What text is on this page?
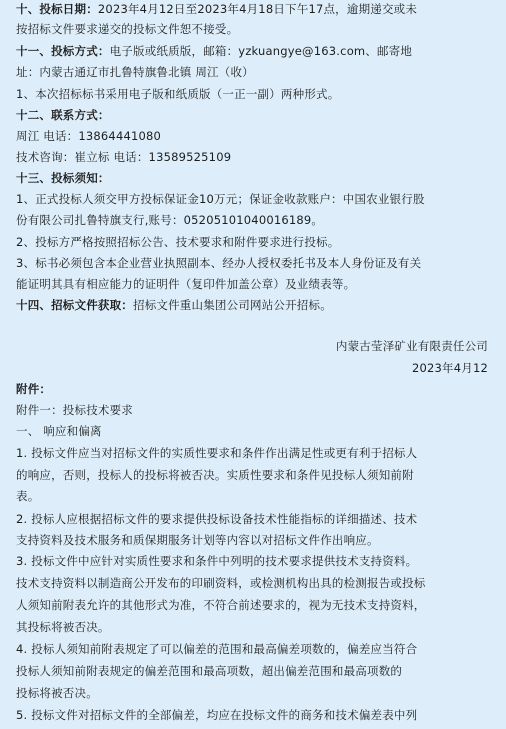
十、投标日期：2023年4月12日至2023年4月18日下午17点，逾期递交或未
按招标文件要求递交的投标文件恕不接受。
十一、投标方式：电子版或纸质版，邮箱：yzkuangye@163.com、邮寄地
址：内蒙古通辽市扎鲁特旗鲁北镇 周江（收）
1、本次招标标书采用电子版和纸质版（一正一副）两种形式。
十二、联系方式：
周江 电话：13864441080
技术咨询：崔立标 电话：13589525109
十三、投标须知：
1、正式投标人须交甲方投标保证金10万元；保证金收款账户：中国农业银行股
份有限公司扎鲁特旗支行,账号：05205101040016189。
2、投标方严格按照招标公告、技术要求和附件要求进行投标。
3、标书必须包含本企业营业执照副本、经办人授权委托书及本人身份证及有关
能证明其具有相应能力的证明件（复印件加盖公章）及业绩表等。
十四、招标文件获取：招标文件重山集团公司网站公开招标。
内蒙古莹泽矿业有限责任公司
2023年4月12
附件：
附件一：投标技术要求
一、 响应和偏离
1. 投标文件应当对招标文件的实质性要求和条件作出满足性或更有利于招标人
的响应，否则，投标人的投标将被否决。实质性要求和条件见投标人须知前附
表。
2. 投标人应根据招标文件的要求提供投标设备技术性能指标的详细描述、技术
支持资料及技术服务和质保期服务计划等内容以对招标文件作出响应。
3. 投标文件中应针对实质性要求和条件中列明的技术要求提供技术支持资料。
技术支持资料以制造商公开发布的印刷资料，或检测机构出具的检测报告或投标
人须知前附表允许的其他形式为准，不符合前述要求的，视为无技术支持资料，
其投标将被否决。
4. 投标人须知前附表规定了可以偏差的范围和最高偏差项数的，偏差应当符合
投标人须知前附表规定的偏差范围和最高项数，超出偏差范围和最高项数的
投标将被否决。
5. 投标文件对招标文件的全部偏差，均应在投标文件的商务和技术偏差表中列
